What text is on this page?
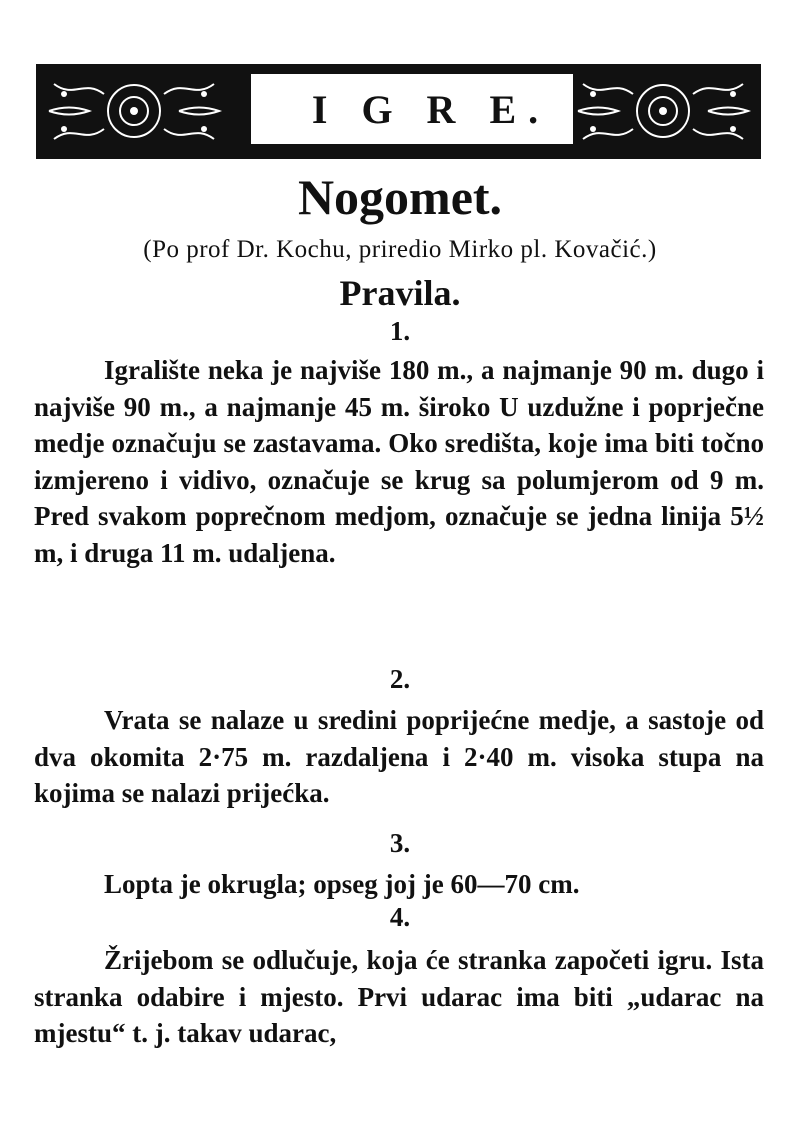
I G R E.
Nogomet.
(Po prof Dr. Kochu, priredio Mirko pl. Kovačić.)
Pravila.
1.
Igralište neka je najviše 180 m., a najmanje 90 m. dugo i najviše 90 m., a najmanje 45 m. široko U uzdužne i poprječne medje označuju se zastavama. Oko središta, koje ima biti točno izmjereno i vidivo, označuje se krug sa polumjerom od 9 m. Pred svakom poprečnom medjom, označuje se jedna linija 5½ m, i druga 11 m. udaljena.
2.
Vrata se nalaze u sredini poprijećne medje, a sastoje od dva okomita 2·75 m. razdaljena i 2·40 m. visoka stupa na kojima se nalazi prijećka.
3.
Lopta je okrugla; opseg joj je 60—70 cm.
4.
Žrijebom se odlučuje, koja će stranka započeti igru. Ista stranka odabire i mjesto. Prvi udarac ima biti „udarac na mjestu“ t. j. takav udarac,
